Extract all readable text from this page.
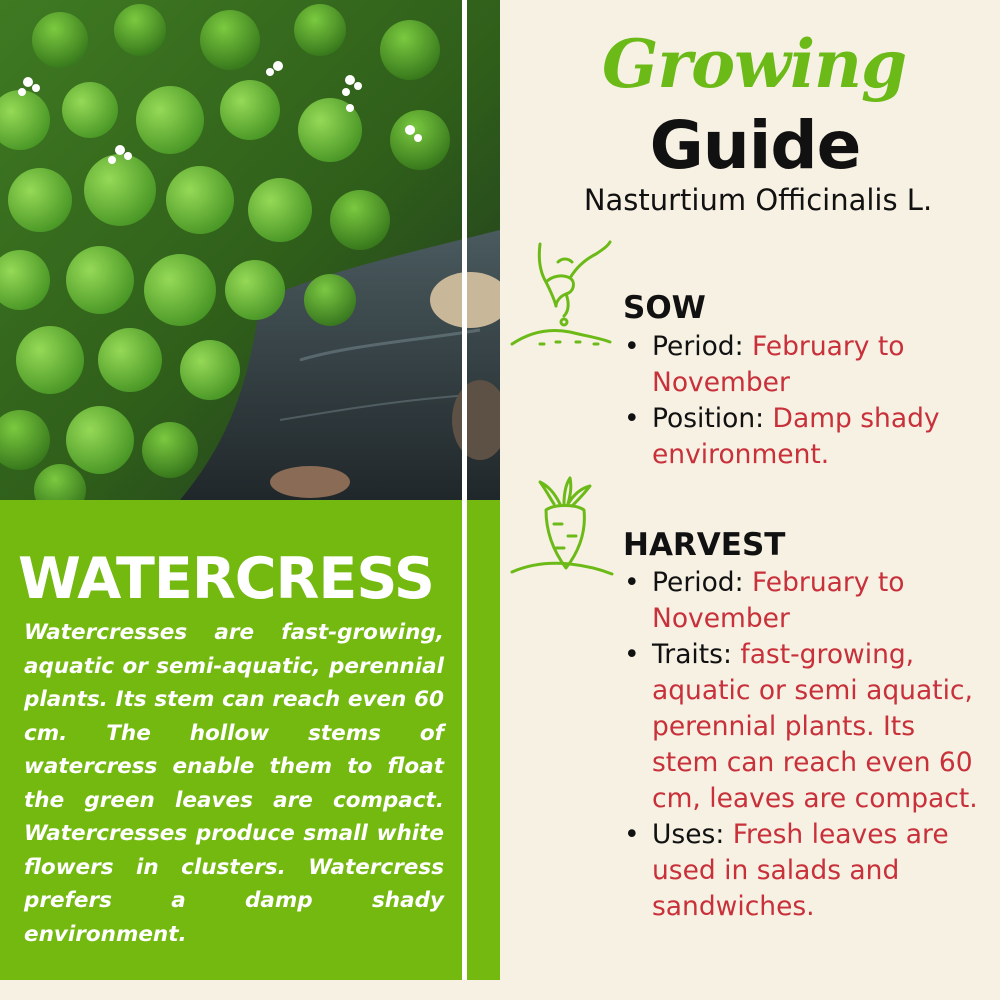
WATERCRESS

Watercresses are fast-growing, aquatic or semi-aquatic, perennial plants. Its stem can reach even 60 cm. The hollow stems of watercress enable them to float the green leaves are compact. Watercresses produce small white flowers in clusters. Watercress prefers a damp shady environment.

Growing
Guide
Nasturtium Officinalis L.
SOW
• Period: February to November
• Position: Damp shady environment.
HARVEST
• Period: February to November
• Traits: fast-growing, aquatic or semi aquatic, perennial plants. Its stem can reach even 60 cm, leaves are compact.
• Uses: Fresh leaves are used in salads and sandwiches.
